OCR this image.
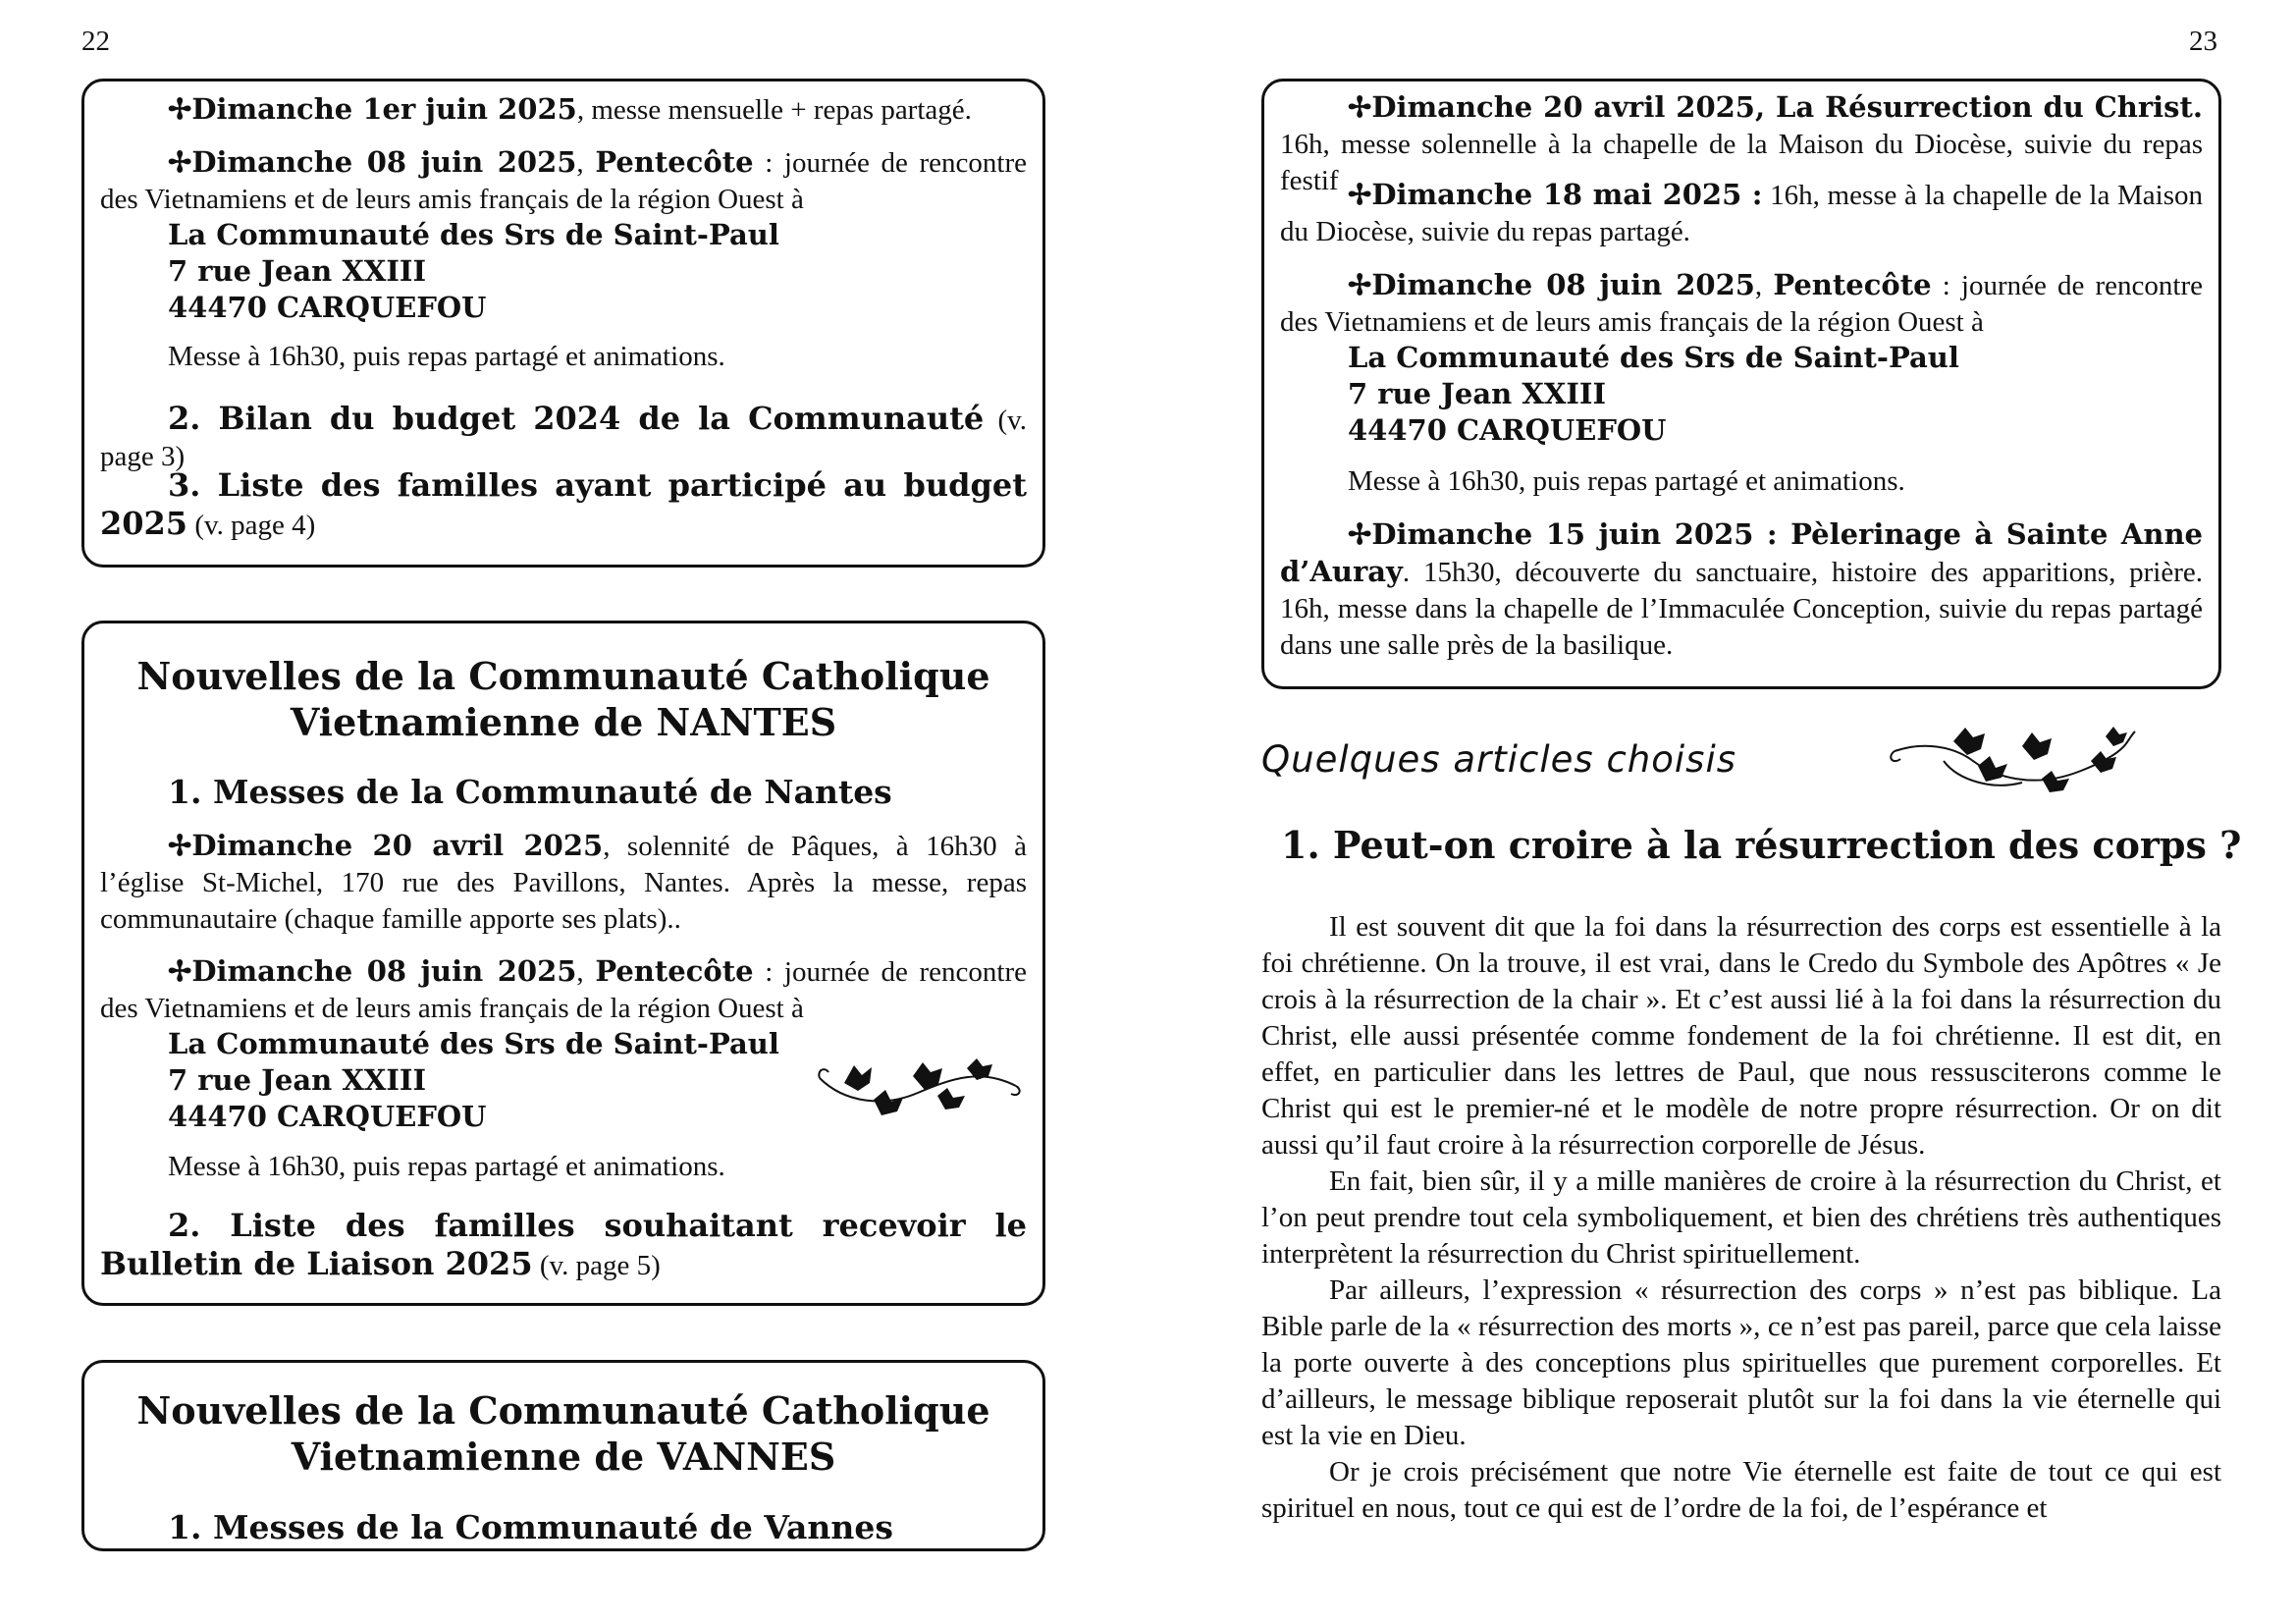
22
✢Dimanche 1er juin 2025, messe mensuelle + repas partagé.
✢Dimanche 08 juin 2025, Pentecôte : journée de rencontre des Vietnamiens et de leurs amis français de la région Ouest à
La Communauté des Srs de Saint-Paul
7 rue Jean XXIII
44470 CARQUEFOU
Messe à 16h30, puis repas partagé et animations.
2. Bilan du budget 2024 de la Communauté (v. page 3)
3. Liste des familles ayant participé au budget 2025 (v. page 4)
Nouvelles de la Communauté Catholique
Vietnamienne de NANTES
1. Messes de la Communauté de Nantes
✢Dimanche 20 avril 2025, solennité de Pâques, à 16h30 à l’église St-Michel, 170 rue des Pavillons, Nantes. Après la messe, repas communautaire (chaque famille apporte ses plats)..
✢Dimanche 08 juin 2025, Pentecôte : journée de rencontre des Vietnamiens et de leurs amis français de la région Ouest à
La Communauté des Srs de Saint-Paul
7 rue Jean XXIII
44470 CARQUEFOU
Messe à 16h30, puis repas partagé et animations.
2. Liste des familles souhaitant recevoir le Bulletin de Liaison 2025 (v. page 5)
Nouvelles de la Communauté Catholique
Vietnamienne de VANNES
1. Messes de la Communauté de Vannes
23
✢Dimanche 20 avril 2025, La Résurrection du Christ. 16h, messe solennelle à la chapelle de la Maison du Diocèse, suivie du repas festif ✢Dimanche 18 mai 2025 : 16h, messe à la chapelle de la Maison du Diocèse, suivie du repas partagé.
✢Dimanche 08 juin 2025, Pentecôte : journée de rencontre des Vietnamiens et de leurs amis français de la région Ouest à
La Communauté des Srs de Saint-Paul
7 rue Jean XXIII
44470 CARQUEFOU
Messe à 16h30, puis repas partagé et animations.
✢Dimanche 15 juin 2025 : Pèlerinage à Sainte Anne d’Auray. 15h30, découverte du sanctuaire, histoire des apparitions, prière. 16h, messe dans la chapelle de l’Immaculée Conception, suivie du repas partagé dans une salle près de la basilique.
Quelques articles choisis
1. Peut-on croire à la résurrection des corps ?
Il est souvent dit que la foi dans la résurrection des corps est essentielle à la foi chrétienne. On la trouve, il est vrai, dans le Credo du Symbole des Apôtres « Je crois à la résurrection de la chair ». Et c’est aussi lié à la foi dans la résurrection du Christ, elle aussi présentée comme fondement de la foi chrétienne. Il est dit, en effet, en particulier dans les lettres de Paul, que nous ressusciterons comme le Christ qui est le premier-né et le modèle de notre propre résurrection. Or on dit aussi qu’il faut croire à la résurrection corporelle de Jésus.
En fait, bien sûr, il y a mille manières de croire à la résurrection du Christ, et l’on peut prendre tout cela symboliquement, et bien des chrétiens très authentiques interprètent la résurrection du Christ spirituellement.
Par ailleurs, l’expression « résurrection des corps » n’est pas biblique. La Bible parle de la « résurrection des morts », ce n’est pas pareil, parce que cela laisse la porte ouverte à des conceptions plus spirituelles que purement corporelles. Et d’ailleurs, le message biblique reposerait plutôt sur la foi dans la vie éternelle qui est la vie en Dieu.
Or je crois précisément que notre Vie éternelle est faite de tout ce qui est spirituel en nous, tout ce qui est de l’ordre de la foi, de l’espérance et
